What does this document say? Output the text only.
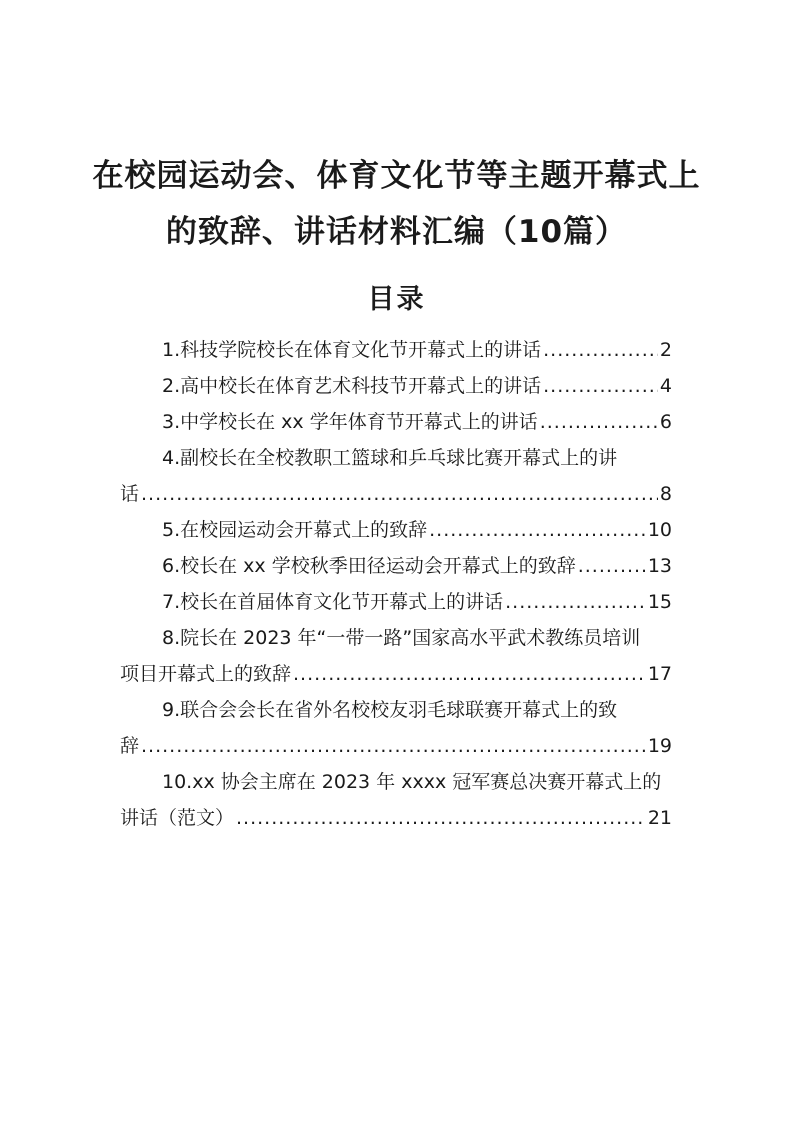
在校园运动会、体育文化节等主题开幕式上
的致辞、讲话材料汇编（10篇）
目录
1.科技学院校长在体育文化节开幕式上的讲话 .....	2
2.高中校长在体育艺术科技节开幕式上的讲话 .....	4
3.中学校长在 xx 学年体育节开幕式上的讲话 .....	6
4.副校长在全校教职工篮球和乒乓球比赛开幕式上的讲
话 .....	8
5.在校园运动会开幕式上的致辞 .....	10
6.校长在 xx 学校秋季田径运动会开幕式上的致辞 .....	13
7.校长在首届体育文化节开幕式上的讲话 .....	15
8.院长在 2023 年“一带一路”国家高水平武术教练员培训
项目开幕式上的致辞 .....	17
9.联合会会长在省外名校校友羽毛球联赛开幕式上的致
辞 .....	19
10.xx 协会主席在 2023 年 xxxx 冠军赛总决赛开幕式上的
讲话（范文） .....	21
